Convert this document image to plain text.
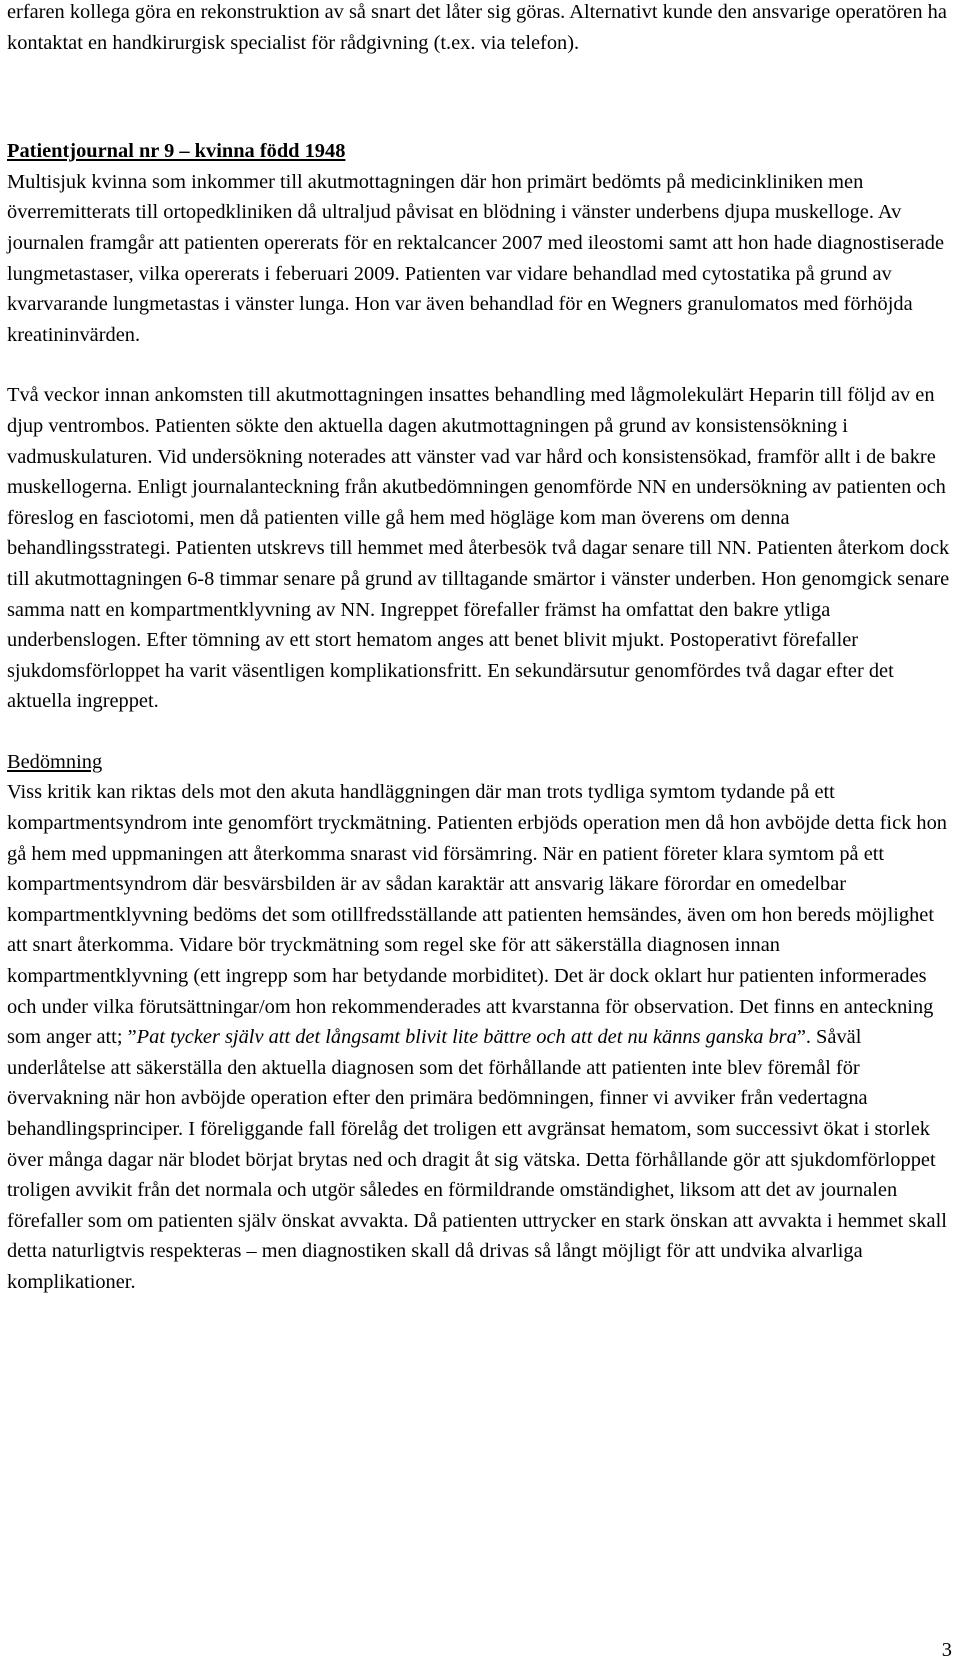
erfaren kollega göra en rekonstruktion av så snart det låter sig göras. Alternativt kunde den ansvarige operatören ha kontaktat en handkirurgisk specialist för rådgivning (t.ex. via telefon).

Patientjournal nr 9 – kvinna född 1948

Multisjuk kvinna som inkommer till akutmottagningen där hon primärt bedömts på medicinkliniken men överremitterats till ortopedkliniken då ultraljud påvisat en blödning i vänster underbens djupa muskelloge. Av journalen framgår att patienten opererats för en rektalcancer 2007 med ileostomi samt att hon hade diagnostiserade lungmetastaser, vilka opererats i feberuari 2009. Patienten var vidare behandlad med cytostatika på grund av kvarvarande lungmetastas i vänster lunga. Hon var även behandlad för en Wegners granulomatos med förhöjda kreatininvärden.

Två veckor innan ankomsten till akutmottagningen insattes behandling med lågmolekulärt Heparin till följd av en djup ventrombos. Patienten sökte den aktuella dagen akutmottagningen på grund av konsistensökning i vadmuskulaturen. Vid undersökning noterades att vänster vad var hård och konsistensökad, framför allt i de bakre muskellogerna. Enligt journalanteckning från akutbedömningen genomförde NN en undersökning av patienten och föreslog en fasciotomi, men då patienten ville gå hem med högläge kom man överens om denna behandlingsstrategi. Patienten utskrevs till hemmet med återbesök två dagar senare till NN. Patienten återkom dock till akutmottagningen 6-8 timmar senare på grund av tilltagande smärtor i vänster underben. Hon genomgick senare samma natt en kompartmentklyvning av NN. Ingreppet förefaller främst ha omfattat den bakre ytliga underbenslogen. Efter tömning av ett stort hematom anges att benet blivit mjukt. Postoperativt förefaller sjukdomsförloppet ha varit väsentligen komplikationsfritt. En sekundärsutur genomfördes två dagar efter det aktuella ingreppet.

Bedömning

Viss kritik kan riktas dels mot den akuta handläggningen där man trots tydliga symtom tydande på ett kompartmentsyndrom inte genomfört tryckmätning. Patienten erbjöds operation men då hon avböjde detta fick hon gå hem med uppmaningen att återkomma snarast vid försämring. När en patient företer klara symtom på ett kompartmentsyndrom där besvärsbilden är av sådan karaktär att ansvarig läkare förordar en omedelbar kompartmentklyvning bedöms det som otillfredsställande att patienten hemsändes, även om hon bereds möjlighet att snart återkomma. Vidare bör tryckmätning som regel ske för att säkerställa diagnosen innan kompartmentklyvning (ett ingrepp som har betydande morbiditet). Det är dock oklart hur patienten informerades och under vilka förutsättningar/om hon rekommenderades att kvarstanna för observation. Det finns en anteckning som anger att; ”Pat tycker själv att det långsamt blivit lite bättre och att det nu känns ganska bra”. Såväl underlåtelse att säkerställa den aktuella diagnosen som det förhållande att patienten inte blev föremål för övervakning när hon avböjde operation efter den primära bedömningen, finner vi avviker från vedertagna behandlingsprinciper. I föreliggande fall förelåg det troligen ett avgränsat hematom, som successivt ökat i storlek över många dagar när blodet börjat brytas ned och dragit åt sig vätska. Detta förhållande gör att sjukdomförloppet troligen avvikit från det normala och utgör således en förmildrande omständighet, liksom att det av journalen förefaller som om patienten själv önskat avvakta. Då patienten uttrycker en stark önskan att avvakta i hemmet skall detta naturligtvis respekteras – men diagnostiken skall då drivas så långt möjligt för att undvika alvarliga komplikationer.

3
